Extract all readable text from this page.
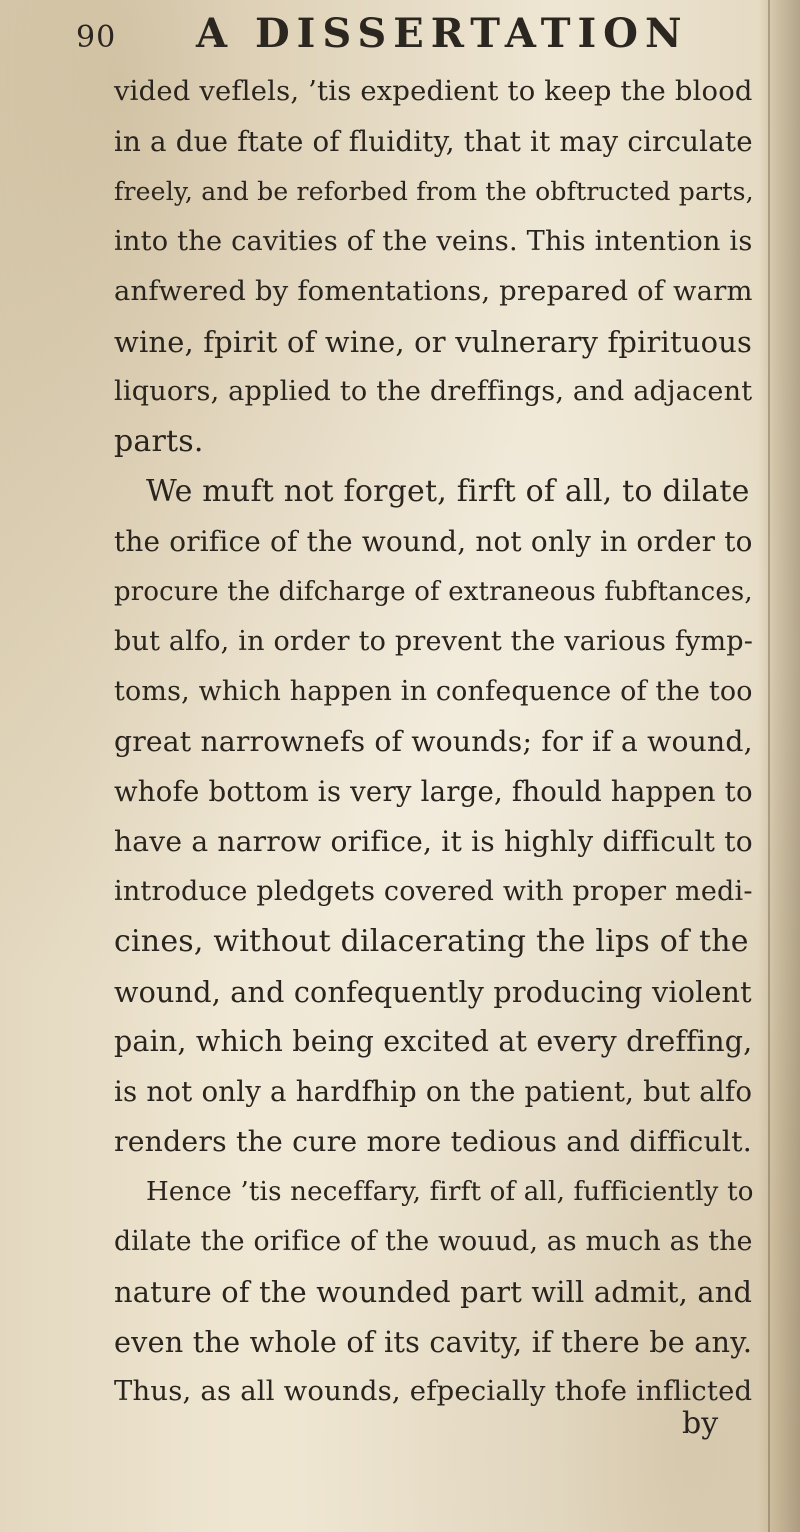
90	A DISSERTATION
vided veflels, ’tis expedient to keep the blood
in a due ftate of fluidity, that it may circulate
freely, and be reforbed from the obftructed parts,
into the cavities of the veins. This intention is
anfwered by fomentations, prepared of warm
wine, fpirit of wine, or vulnerary fpirituous
liquors, applied to the dreffings, and adjacent
parts.
We muft not forget, firft of all, to dilate
the orifice of the wound, not only in order to
procure the difcharge of extraneous fubftances,
but alfo, in order to prevent the various fymp-
toms, which happen in confequence of the too
great narrownefs of wounds; for if a wound,
whofe bottom is very large, fhould happen to
have a narrow orifice, it is highly difficult to
introduce pledgets covered with proper medi-
cines, without dilacerating the lips of the
wound, and confequently producing violent
pain, which being excited at every dreffing,
is not only a hardfhip on the patient, but alfo
renders the cure more tedious and difficult.
Hence ’tis neceffary, firft of all, fufficiently to
dilate the orifice of the wouud, as much as the
nature of the wounded part will admit, and
even the whole of its cavity, if there be any.
Thus, as all wounds, efpecially thofe inflicted
by
